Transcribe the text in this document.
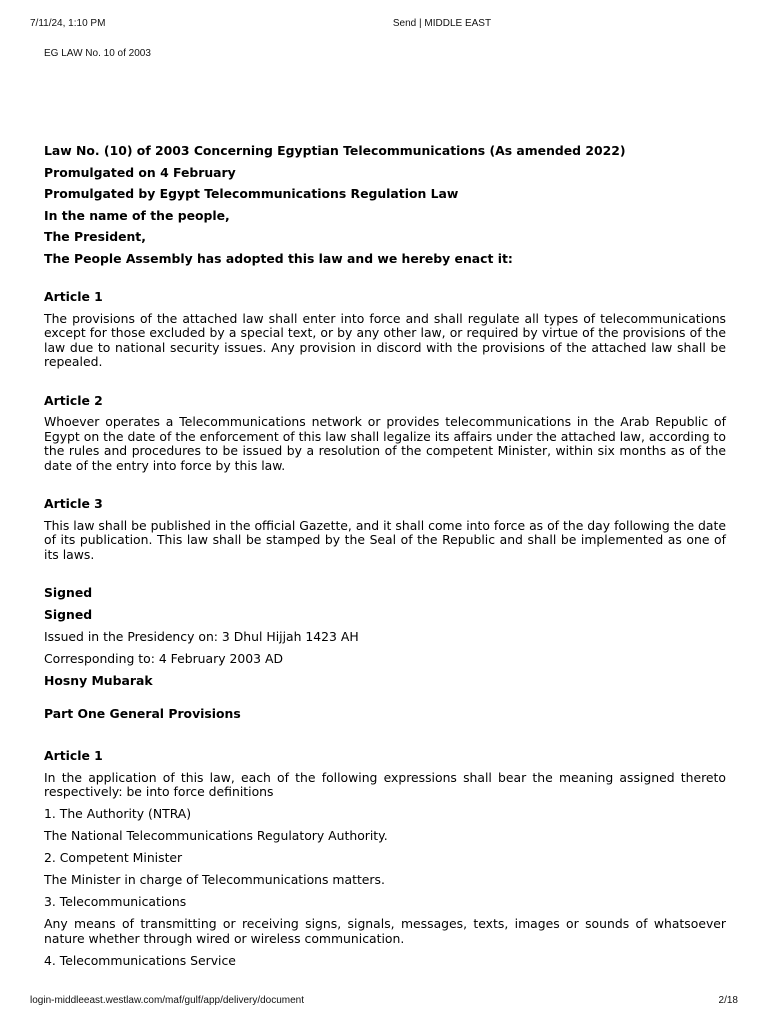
7/11/24, 1:10 PM	Send | MIDDLE EAST
EG LAW No. 10 of 2003
Law No. (10) of 2003 Concerning Egyptian Telecommunications (As amended 2022)
Promulgated on 4 February
Promulgated by Egypt Telecommunications Regulation Law
In the name of the people,
The President,
The People Assembly has adopted this law and we hereby enact it:
Article 1

The provisions of the attached law shall enter into force and shall regulate all types of telecommunications except for those excluded by a special text, or by any other law, or required by virtue of the provisions of the law due to national security issues. Any provision in discord with the provisions of the attached law shall be repealed.

Article 2

Whoever operates a Telecommunications network or provides telecommunications in the Arab Republic of Egypt on the date of the enforcement of this law shall legalize its affairs under the attached law, according to the rules and procedures to be issued by a resolution of the competent Minister, within six months as of the date of the entry into force by this law.

Article 3

This law shall be published in the official Gazette, and it shall come into force as of the day following the date of its publication. This law shall be stamped by the Seal of the Republic and shall be implemented as one of its laws.

Signed
Signed
Issued in the Presidency on: 3 Dhul Hijjah 1423 AH
Corresponding to: 4 February 2003 AD
Hosny Mubarak
Part One General Provisions
Article 1

In the application of this law, each of the following expressions shall bear the meaning assigned thereto respectively: be into force definitions

1. The Authority (NTRA)
The National Telecommunications Regulatory Authority.
2. Competent Minister
The Minister in charge of Telecommunications matters.
3. Telecommunications

Any means of transmitting or receiving signs, signals, messages, texts, images or sounds of whatsoever nature whether through wired or wireless communication.

4. Telecommunications Service
login-middleeast.westlaw.com/maf/gulf/app/delivery/document	2/18
